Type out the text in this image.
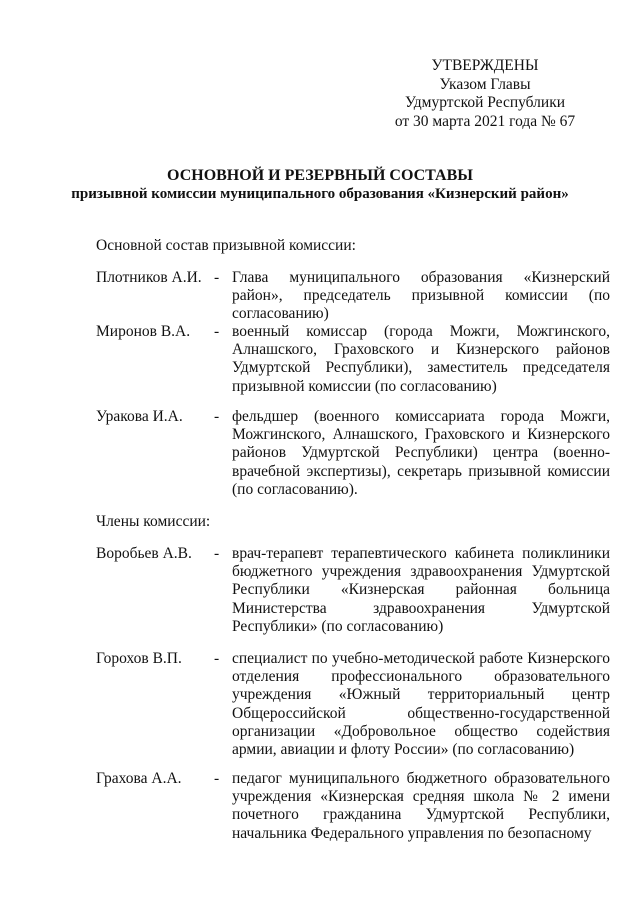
УТВЕРЖДЕНЫ
Указом Главы
Удмуртской Республики
от 30 марта 2021 года № 67
ОСНОВНОЙ И РЕЗЕРВНЫЙ СОСТАВЫ
призывной комиссии муниципального образования «Кизнерский район»
Основной состав призывной комиссии:
Плотников А.И. - Глава муниципального образования «Кизнерский район», председатель призывной комиссии (по согласованию)
Миронов В.А. - военный комиссар (города Можги, Можгинского, Алнашского, Граховского и Кизнерского районов Удмуртской Республики), заместитель председателя призывной комиссии (по согласованию)
Уракова И.А. - фельдшер (военного комиссариата города Можги, Можгинского, Алнашского, Граховского и Кизнерского районов Удмуртской Республики) центра (военно-врачебной экспертизы), секретарь призывной комиссии (по согласованию).
Члены комиссии:
Воробьев А.В. - врач-терапевт терапевтического кабинета поликлиники бюджетного учреждения здравоохранения Удмуртской Республики «Кизнерская районная больница Министерства здравоохранения Удмуртской Республики» (по согласованию)
Горохов В.П. - специалист по учебно-методической работе Кизнерского отделения профессионального образовательного учреждения «Южный территориальный центр Общероссийской общественно-государственной организации «Добровольное общество содействия армии, авиации и флоту России» (по согласованию)
Грахова А.А. - педагог муниципального бюджетного образовательного учреждения «Кизнерская средняя школа № 2 имени почетного гражданина Удмуртской Республики, начальника Федерального управления по безопасному
